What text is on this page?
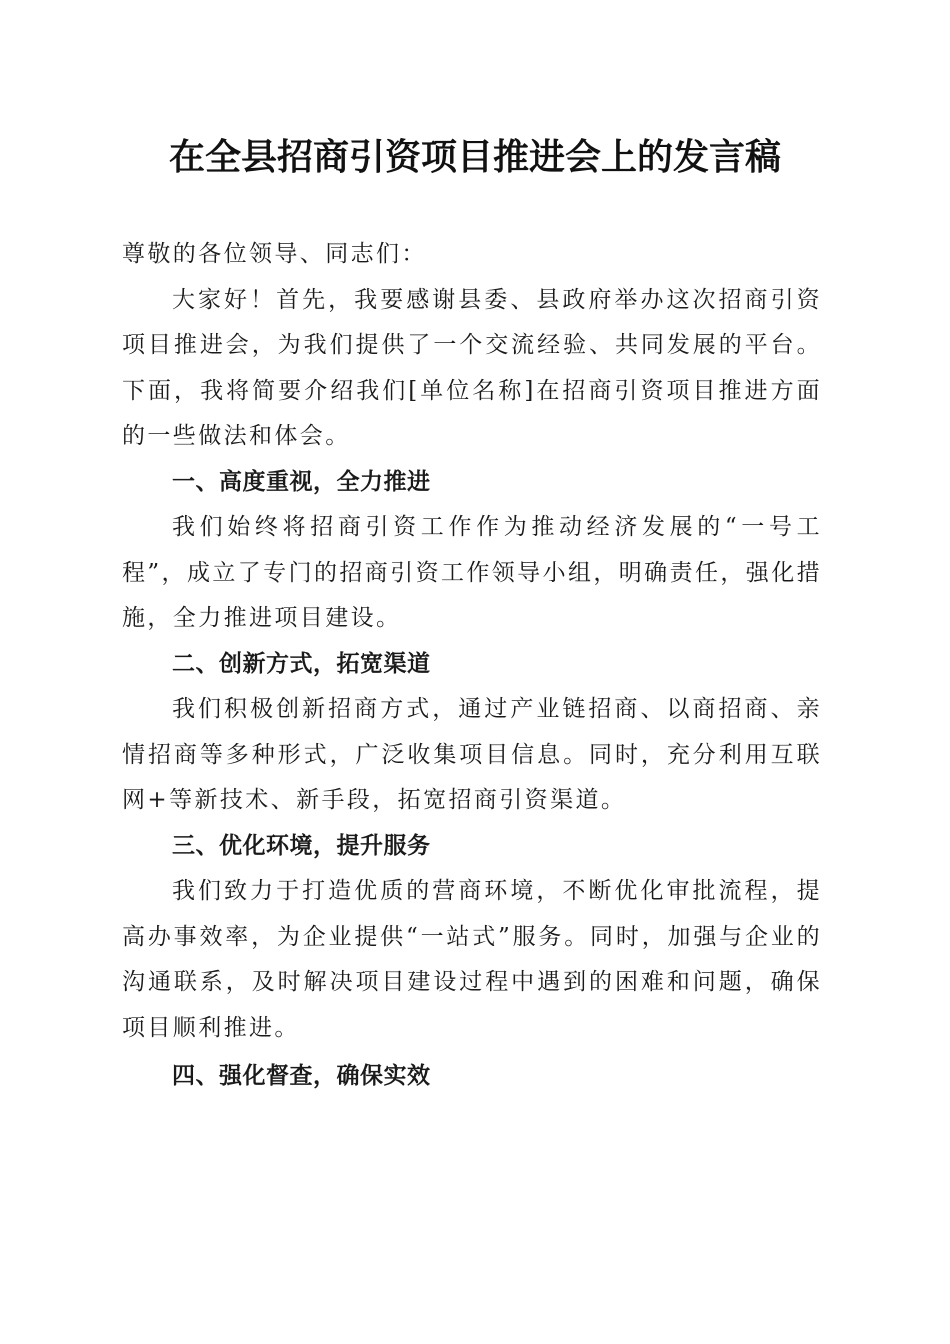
在全县招商引资项目推进会上的发言稿

尊敬的各位领导、同志们：

大家好！首先，我要感谢县委、县政府举办这次招商引资项目推进会，为我们提供了一个交流经验、共同发展的平台。下面，我将简要介绍我们[单位名称]在招商引资项目推进方面的一些做法和体会。

一、高度重视，全力推进

我们始终将招商引资工作作为推动经济发展的“一号工程”，成立了专门的招商引资工作领导小组，明确责任，强化措施，全力推进项目建设。

二、创新方式，拓宽渠道

我们积极创新招商方式，通过产业链招商、以商招商、亲情招商等多种形式，广泛收集项目信息。同时，充分利用互联网+等新技术、新手段，拓宽招商引资渠道。

三、优化环境，提升服务

我们致力于打造优质的营商环境，不断优化审批流程，提高办事效率，为企业提供“一站式”服务。同时，加强与企业的沟通联系，及时解决项目建设过程中遇到的困难和问题，确保项目顺利推进。

四、强化督查，确保实效
